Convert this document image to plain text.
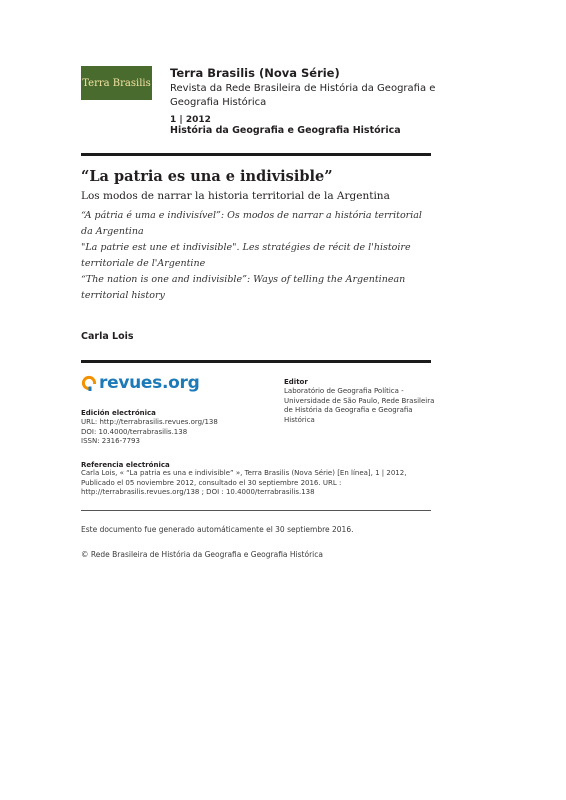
Terra Brasilis
Terra Brasilis (Nova Série)
Revista da Rede Brasileira de História da Geografia e Geografia Histórica
1 | 2012
História da Geografia e Geografia Histórica
“La patria es una e indivisible”
Los modos de narrar la historia territorial de la Argentina
“A pátria é uma e indivisível”: Os modos de narrar a história territorial da Argentina
"La patrie est une et indivisible". Les stratégies de récit de l'histoire territoriale de l'Argentine
“The nation is one and indivisible”: Ways of telling the Argentinean territorial history
Carla Lois
revues.org	Editor
Laboratório de Geografia Política - Universidade de São Paulo, Rede Brasileira de História da Geografia e Geografia Histórica
Edición electrónica
URL: http://terrabrasilis.revues.org/138
DOI: 10.4000/terrabrasilis.138
ISSN: 2316-7793
Referencia electrónica
Carla Lois, « “La patria es una e indivisible” », Terra Brasilis (Nova Série) [En línea], 1 | 2012, Publicado el 05 noviembre 2012, consultado el 30 septiembre 2016. URL : http://terrabrasilis.revues.org/138 ; DOI : 10.4000/terrabrasilis.138
Este documento fue generado automáticamente el 30 septiembre 2016.
© Rede Brasileira de História da Geografia e Geografia Histórica
